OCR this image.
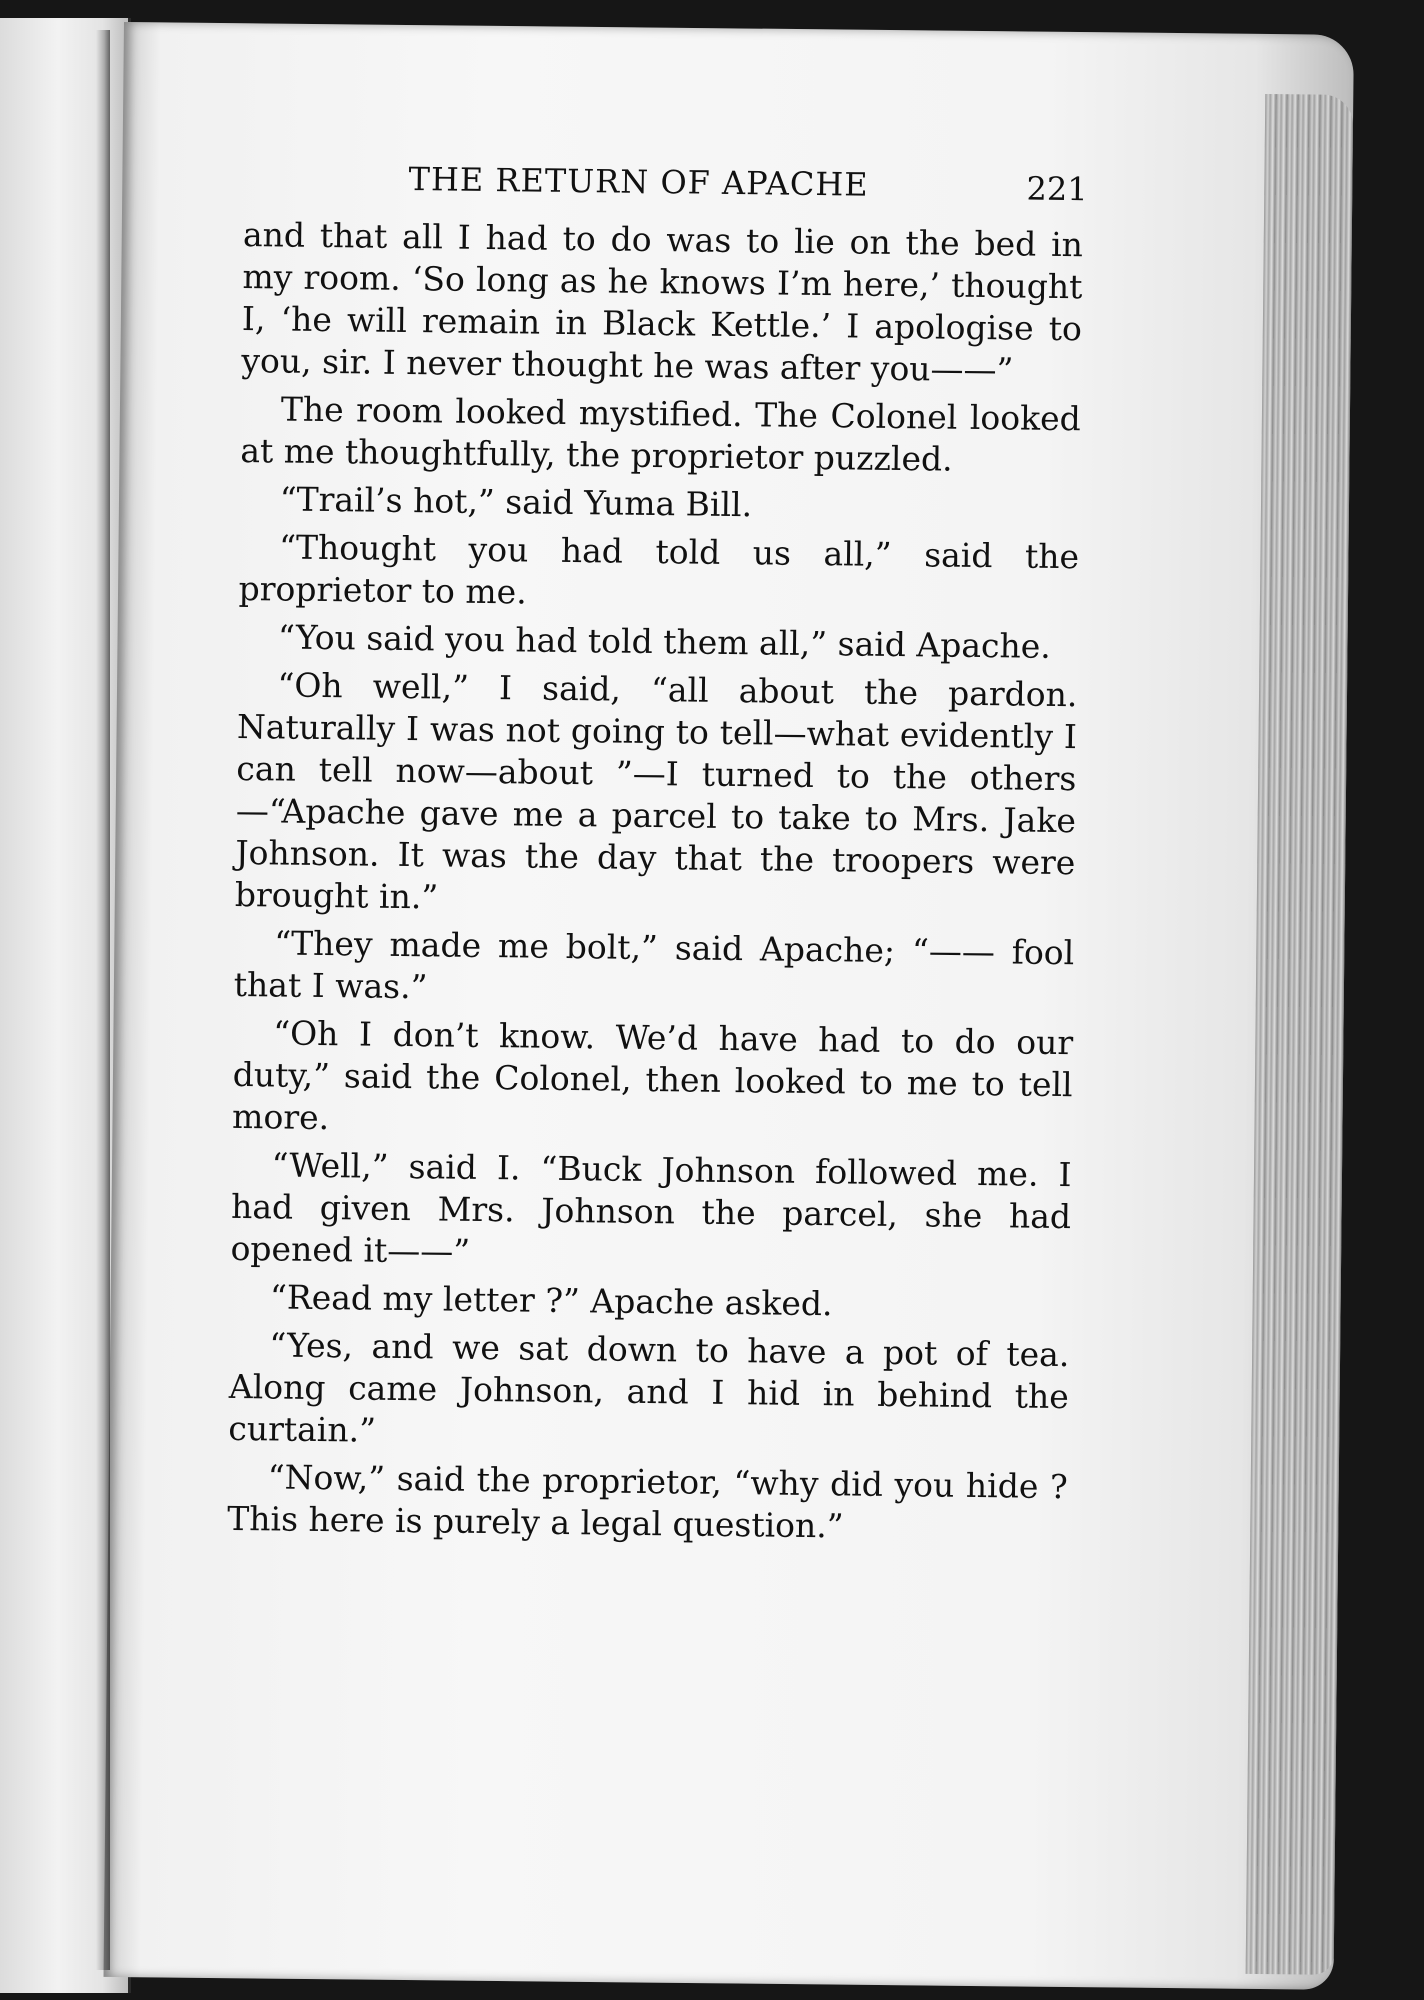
THE RETURN OF APACHE	221

and that all I had to do was to lie on the bed in my room. ‘So long as he knows I’m here,’ thought I, ‘he will remain in Black Kettle.’ I apologise to you, sir. I never thought he was after you——”

The room looked mystified. The Colonel looked at me thoughtfully, the proprietor puzzled.

“Trail’s hot,” said Yuma Bill.

“Thought you had told us all,” said the proprietor to me.

“You said you had told them all,” said Apache.

“Oh well,” I said, “all about the pardon. Naturally I was not going to tell—what evidently I can tell now—about ”—I turned to the others—“Apache gave me a parcel to take to Mrs. Jake Johnson. It was the day that the troopers were brought in.”

“They made me bolt,” said Apache; “—— fool that I was.”

“Oh I don’t know. We’d have had to do our duty,” said the Colonel, then looked to me to tell more.

“Well,” said I. “Buck Johnson followed me. I had given Mrs. Johnson the parcel, she had opened it——”

“Read my letter ?” Apache asked.

“Yes, and we sat down to have a pot of tea. Along came Johnson, and I hid in behind the curtain.”

“Now,” said the proprietor, “why did you hide ? This here is purely a legal question.”
